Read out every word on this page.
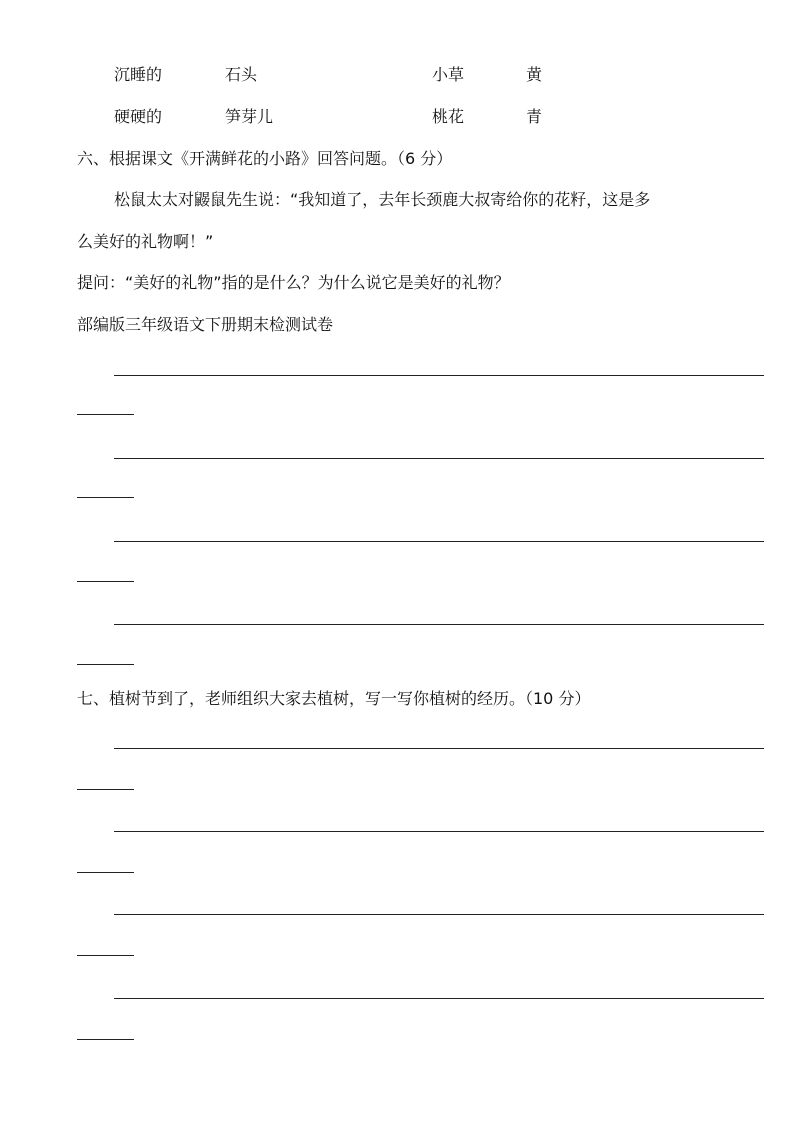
沉睡的	石头	小草	黄
硬硬的	笋芽儿	桃花	青
六、根据课文《开满鲜花的小路》回答问题。（6 分）
松鼠太太对鼹鼠先生说：“我知道了，去年长颈鹿大叔寄给你的花籽，这是多
么美好的礼物啊！”
提问：“美好的礼物”指的是什么？为什么说它是美好的礼物？
部编版三年级语文下册期末检测试卷
七、植树节到了，老师组织大家去植树，写一写你植树的经历。（10 分）
